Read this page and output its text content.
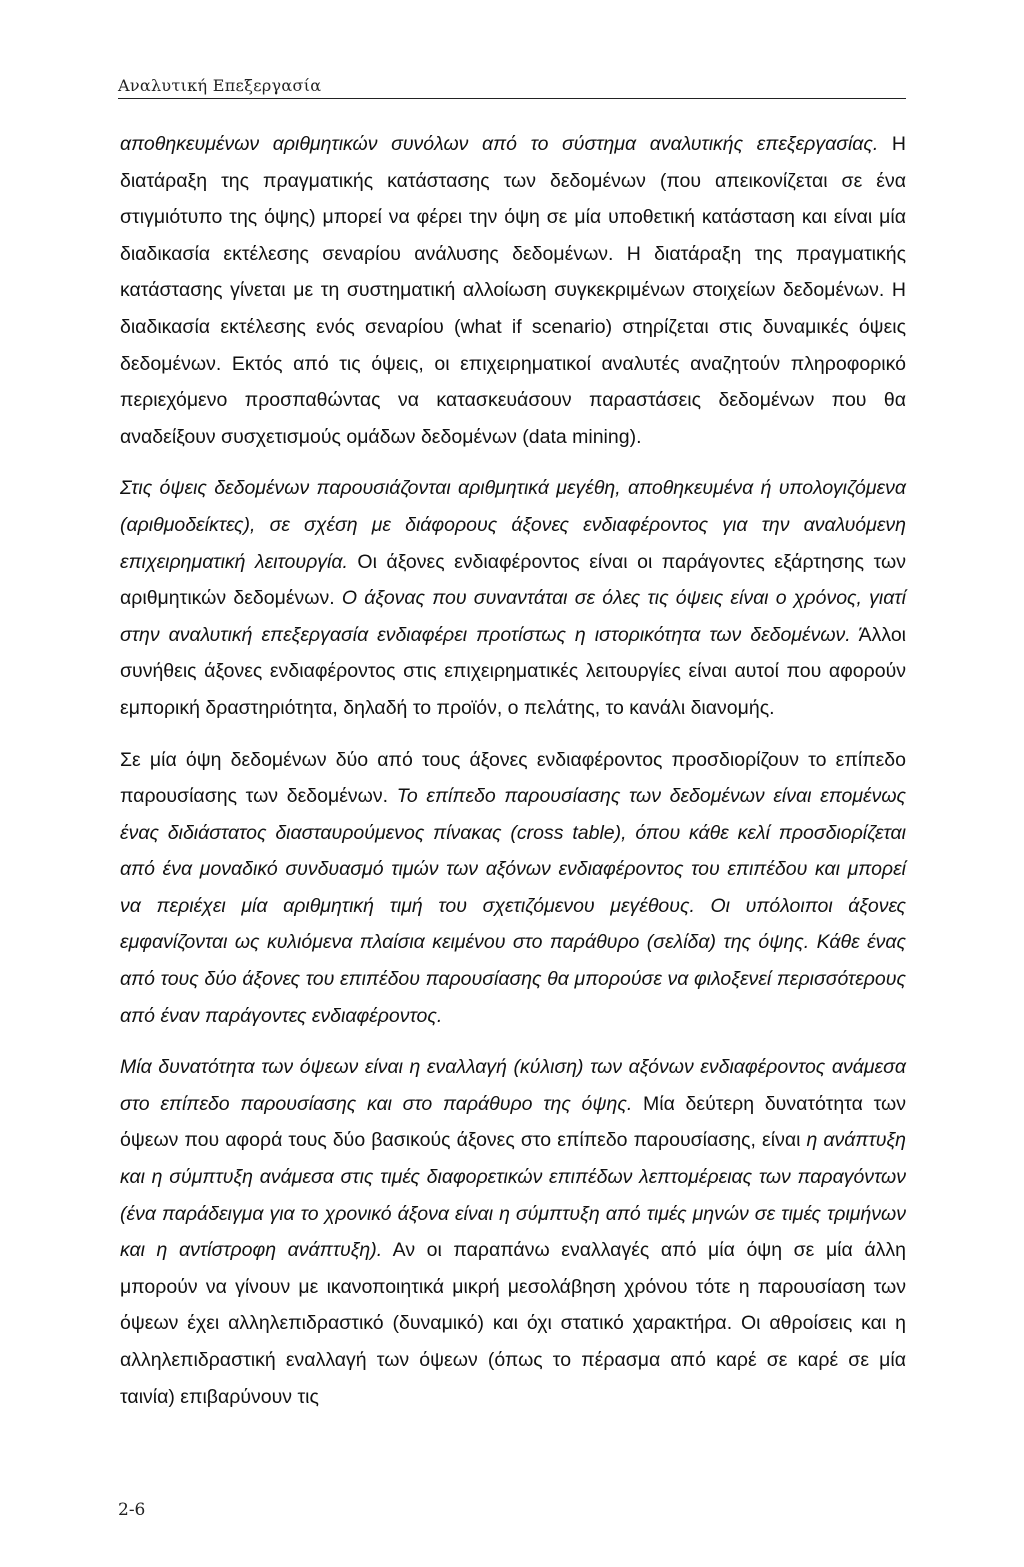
Αναλυτική Επεξεργασία

αποθηκευμένων αριθμητικών συνόλων από το σύστημα αναλυτικής επεξεργασίας. Η διατάραξη της πραγματικής κατάστασης των δεδομένων (που απεικονίζεται σε ένα στιγμιότυπο της όψης) μπορεί να φέρει την όψη σε μία υποθετική κατάσταση και είναι μία διαδικασία εκτέλεσης σεναρίου ανάλυσης δεδομένων. Η διατάραξη της πραγματικής κατάστασης γίνεται με τη συστηματική αλλοίωση συγκεκριμένων στοιχείων δεδομένων. Η διαδικασία εκτέλεσης ενός σεναρίου (what if scenario) στηρίζεται στις δυναμικές όψεις δεδομένων. Εκτός από τις όψεις, οι επιχειρηματικοί αναλυτές αναζητούν πληροφορικό περιεχόμενο προσπαθώντας να κατασκευάσουν παραστάσεις δεδομένων που θα αναδείξουν συσχετισμούς ομάδων δεδομένων (data mining).

Στις όψεις δεδομένων παρουσιάζονται αριθμητικά μεγέθη, αποθηκευμένα ή υπολογιζόμενα (αριθμοδείκτες), σε σχέση με διάφορους άξονες ενδιαφέροντος για την αναλυόμενη επιχειρηματική λειτουργία. Οι άξονες ενδιαφέροντος είναι οι παράγοντες εξάρτησης των αριθμητικών δεδομένων. Ο άξονας που συναντάται σε όλες τις όψεις είναι ο χρόνος, γιατί στην αναλυτική επεξεργασία ενδιαφέρει προτίστως η ιστορικότητα των δεδομένων. Άλλοι συνήθεις άξονες ενδιαφέροντος στις επιχειρηματικές λειτουργίες είναι αυτοί που αφορούν εμπορική δραστηριότητα, δηλαδή το προϊόν, ο πελάτης, το κανάλι διανομής.

Σε μία όψη δεδομένων δύο από τους άξονες ενδιαφέροντος προσδιορίζουν το επίπεδο παρουσίασης των δεδομένων. Το επίπεδο παρουσίασης των δεδομένων είναι επομένως ένας διδιάστατος διασταυρούμενος πίνακας (cross table), όπου κάθε κελί προσδιορίζεται από ένα μοναδικό συνδυασμό τιμών των αξόνων ενδιαφέροντος του επιπέδου και μπορεί να περιέχει μία αριθμητική τιμή του σχετιζόμενου μεγέθους. Οι υπόλοιποι άξονες εμφανίζονται ως κυλιόμενα πλαίσια κειμένου στο παράθυρο (σελίδα) της όψης. Κάθε ένας από τους δύο άξονες του επιπέδου παρουσίασης θα μπορούσε να φιλοξενεί περισσότερους από έναν παράγοντες ενδιαφέροντος.

Μία δυνατότητα των όψεων είναι η εναλλαγή (κύλιση) των αξόνων ενδιαφέροντος ανάμεσα στο επίπεδο παρουσίασης και στο παράθυρο της όψης. Μία δεύτερη δυνατότητα των όψεων που αφορά τους δύο βασικούς άξονες στο επίπεδο παρουσίασης, είναι η ανάπτυξη και η σύμπτυξη ανάμεσα στις τιμές διαφορετικών επιπέδων λεπτομέρειας των παραγόντων (ένα παράδειγμα για το χρονικό άξονα είναι η σύμπτυξη από τιμές μηνών σε τιμές τριμήνων και η αντίστροφη ανάπτυξη). Αν οι παραπάνω εναλλαγές από μία όψη σε μία άλλη μπορούν να γίνουν με ικανοποιητικά μικρή μεσολάβηση χρόνου τότε η παρουσίαση των όψεων έχει αλληλεπιδραστικό (δυναμικό) και όχι στατικό χαρακτήρα. Οι αθροίσεις και η αλληλεπιδραστική εναλλαγή των όψεων (όπως το πέρασμα από καρέ σε καρέ σε μία ταινία) επιβαρύνουν τις

2-6
